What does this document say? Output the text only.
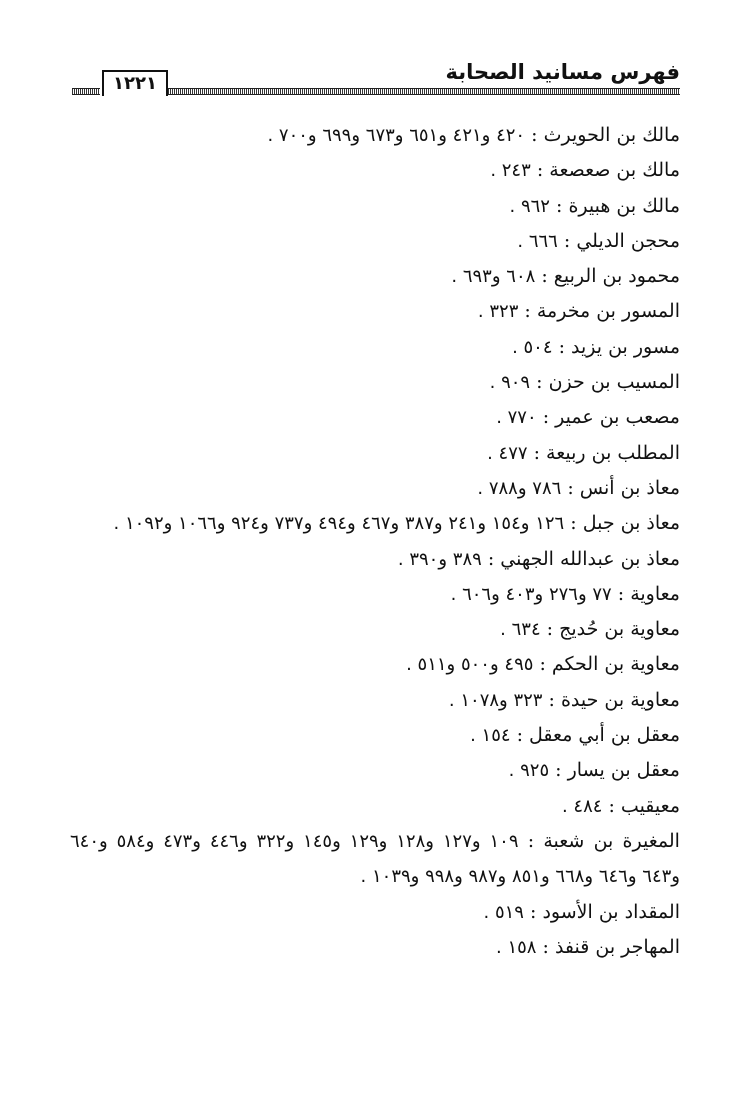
فهرس مسانيد الصحابة
١٢٢١
مالك بن الحويرث : ٤٢٠ و٤٢١ و٦٥١ و٦٧٣ و٦٩٩ و٧٠٠ .
مالك بن صعصعة : ٢٤٣ .
مالك بن هبيرة : ٩٦٢ .
محجن الديلي : ٦٦٦ .
محمود بن الربيع : ٦٠٨ و٦٩٣ .
المسور بن مخرمة : ٣٢٣ .
مسور بن يزيد : ٥٠٤ .
المسيب بن حزن : ٩٠٩ .
مصعب بن عمير : ٧٧٠ .
المطلب بن ربيعة : ٤٧٧ .
معاذ بن أنس : ٧٨٦ و٧٨٨ .
معاذ بن جبل : ١٢٦ و١٥٤ و٢٤١ و٣٨٧ و٤٦٧ و٤٩٤ و٧٣٧ و٩٢٤ و١٠٦٦ و١٠٩٢ .
معاذ بن عبدالله الجهني : ٣٨٩ و٣٩٠ .
معاوية : ٧٧ و٢٧٦ و٤٠٣ و٦٠٦ .
معاوية بن حُديج : ٦٣٤ .
معاوية بن الحكم : ٤٩٥ و٥٠٠ و٥١١ .
معاوية بن حيدة : ٣٢٣ و١٠٧٨ .
معقل بن أبي معقل : ١٥٤ .
معقل بن يسار : ٩٢٥ .
معيقيب : ٤٨٤ .
المغيرة بن شعبة : ١٠٩ و١٢٧ و١٢٨ و١٢٩ و١٤٥ و٣٢٢ و٤٤٦ و٤٧٣ و٥٨٤ و٦٤٠ و٦٤٣ و٦٤٦ و٦٦٨ و٨٥١ و٩٨٧ و٩٩٨ و١٠٣٩ .
المقداد بن الأسود : ٥١٩ .
المهاجر بن قنفذ : ١٥٨ .
